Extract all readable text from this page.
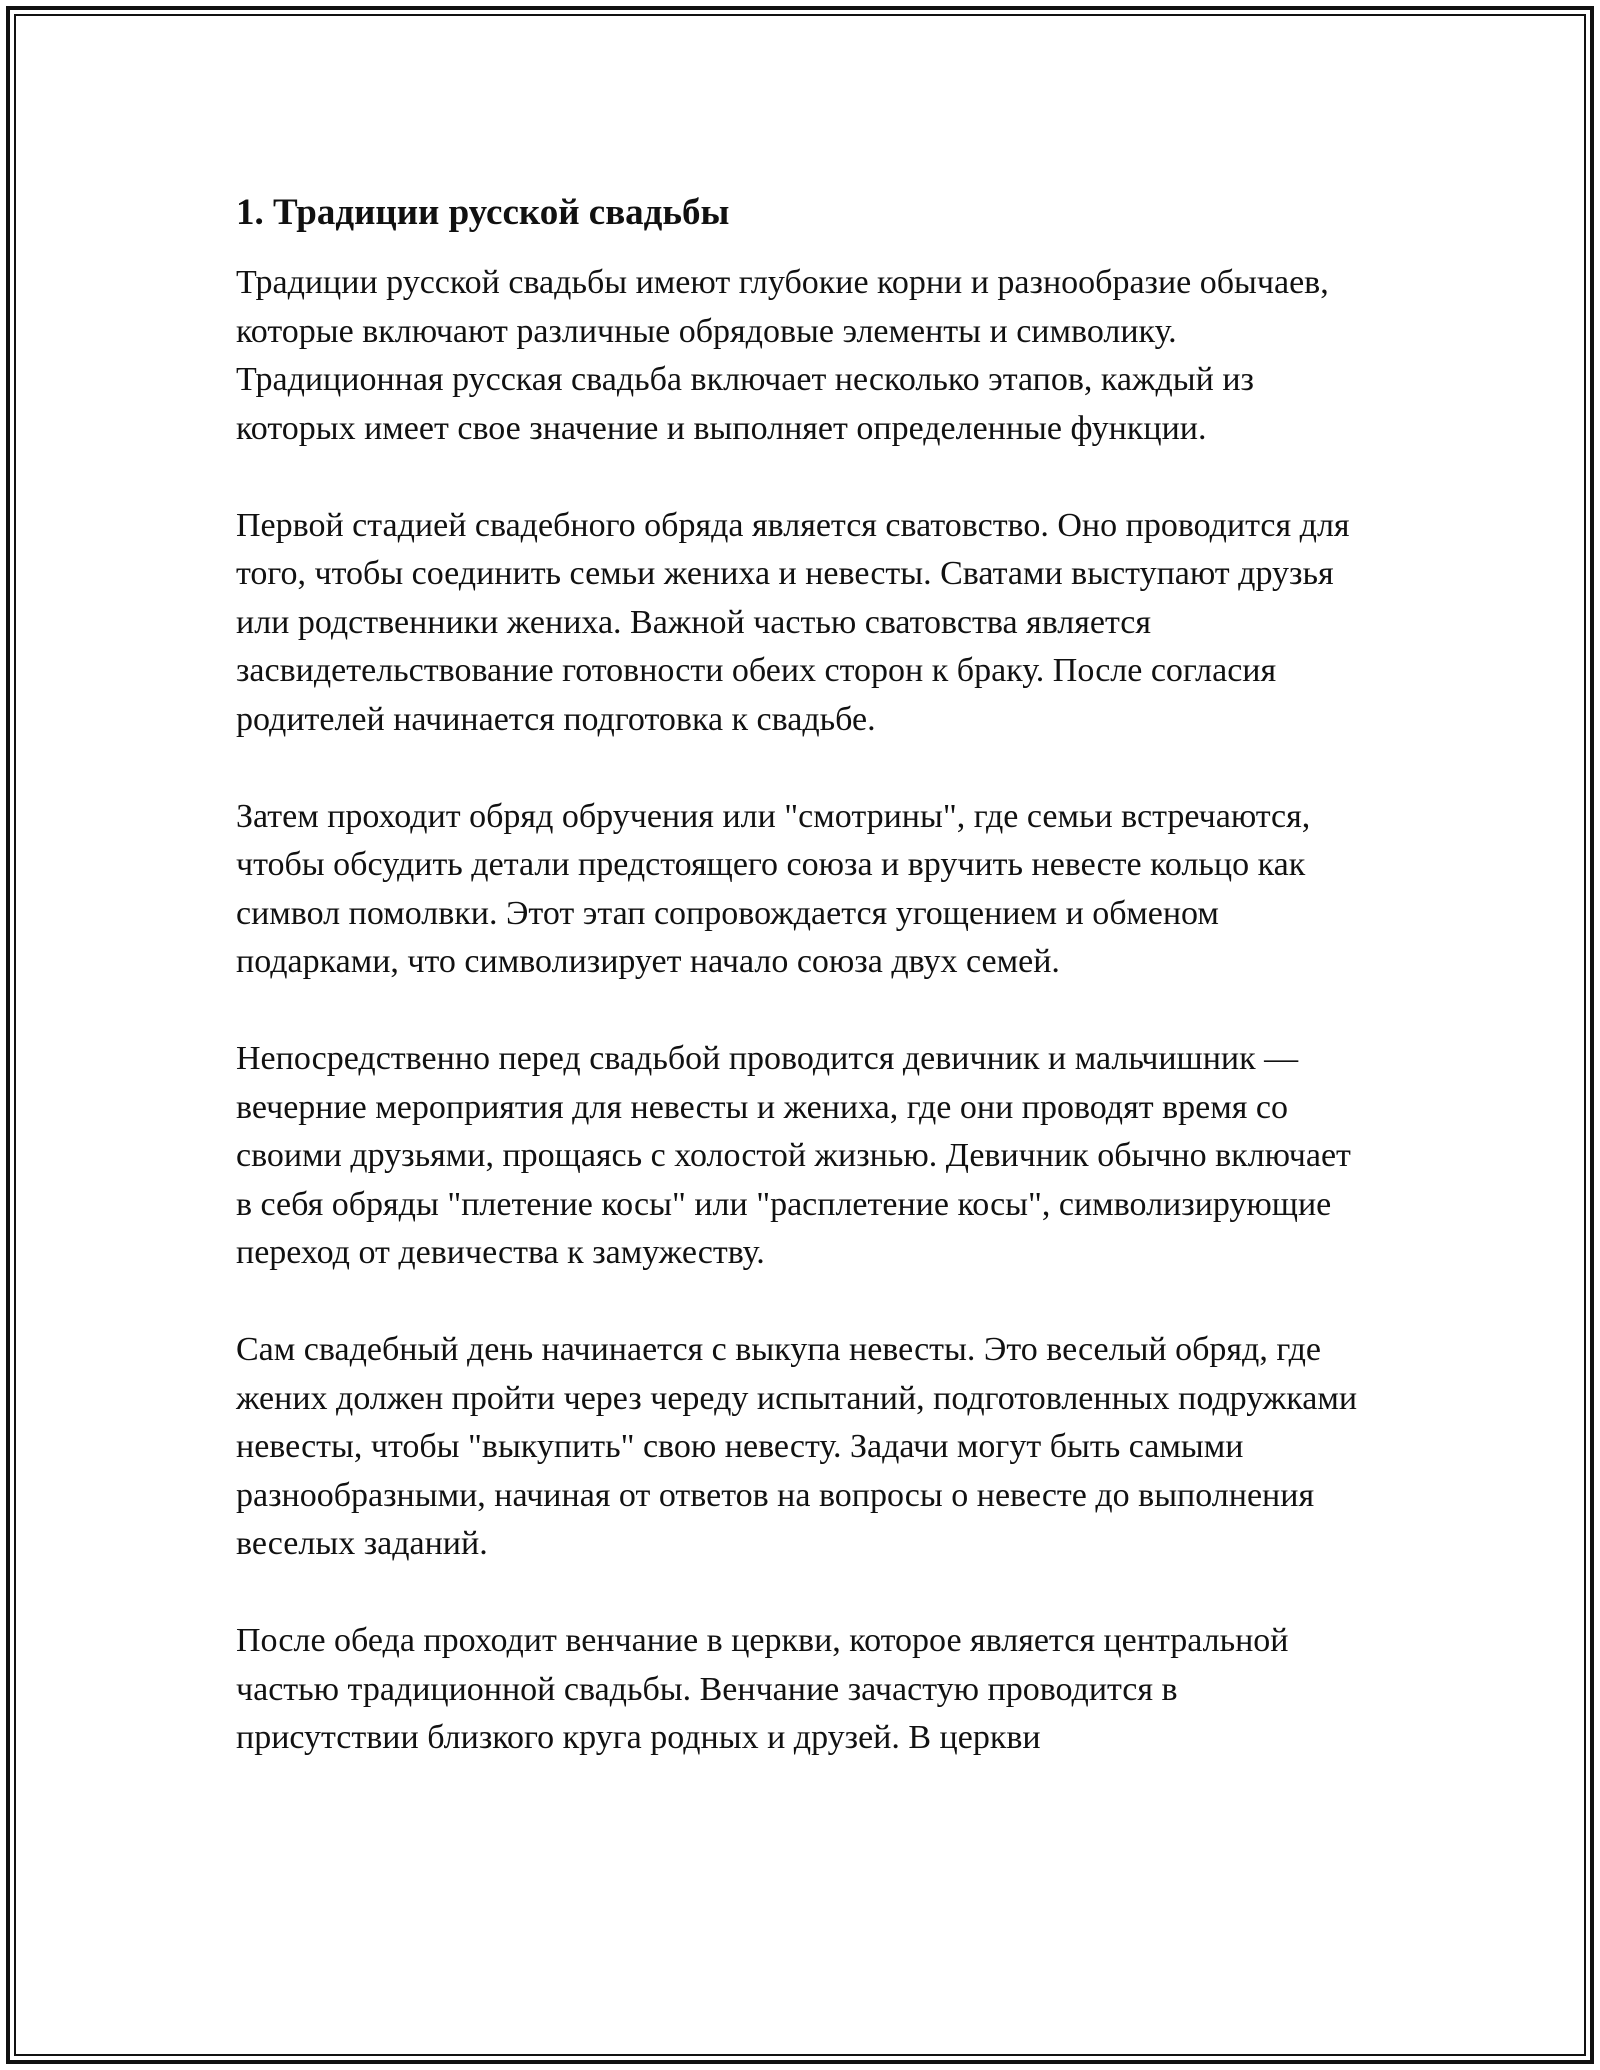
1. Традиции русской свадьбы

Традиции русской свадьбы имеют глубокие корни и разнообразие обычаев, которые включают различные обрядовые элементы и символику. Традиционная русская свадьба включает несколько этапов, каждый из которых имеет свое значение и выполняет определенные функции.

Первой стадией свадебного обряда является сватовство. Оно проводится для того, чтобы соединить семьи жениха и невесты. Сватами выступают друзья или родственники жениха. Важной частью сватовства является засвидетельствование готовности обеих сторон к браку. После согласия родителей начинается подготовка к свадьбе.

Затем проходит обряд обручения или "смотрины", где семьи встречаются, чтобы обсудить детали предстоящего союза и вручить невесте кольцо как символ помолвки. Этот этап сопровождается угощением и обменом подарками, что символизирует начало союза двух семей.

Непосредственно перед свадьбой проводится девичник и мальчишник — вечерние мероприятия для невесты и жениха, где они проводят время со своими друзьями, прощаясь с холостой жизнью. Девичник обычно включает в себя обряды "плетение косы" или "расплетение косы", символизирующие переход от девичества к замужеству.

Сам свадебный день начинается с выкупа невесты. Это веселый обряд, где жених должен пройти через череду испытаний, подготовленных подружками невесты, чтобы "выкупить" свою невесту. Задачи могут быть самыми разнообразными, начиная от ответов на вопросы о невесте до выполнения веселых заданий.

После обеда проходит венчание в церкви, которое является центральной частью традиционной свадьбы. Венчание зачастую проводится в присутствии близкого круга родных и друзей. В церкви
